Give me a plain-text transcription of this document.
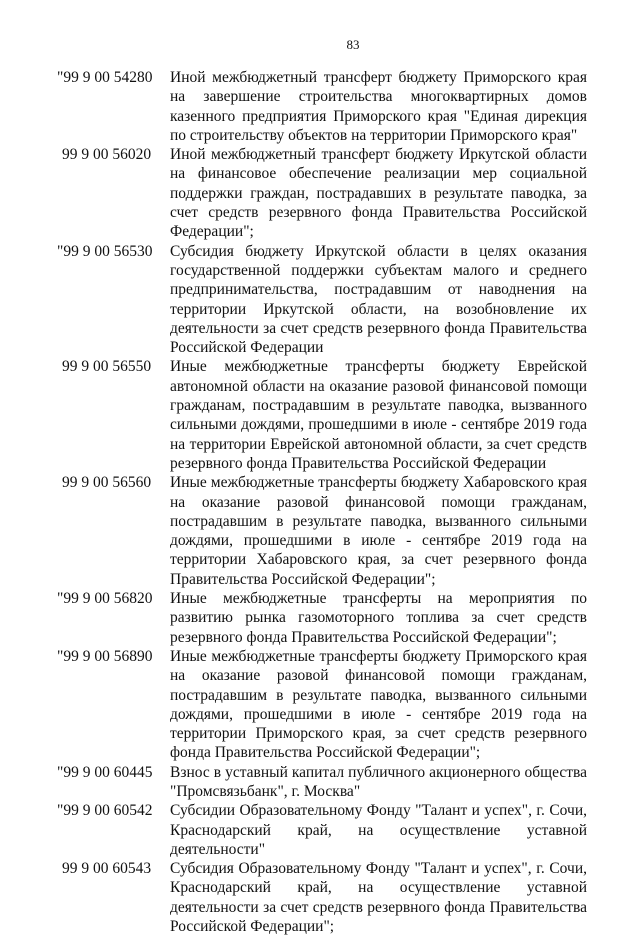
83
"99 9 00 54280 Иной межбюджетный трансферт бюджету Приморского края на завершение строительства многоквартирных домов казенного предприятия Приморского края "Единая дирекция по строительству объектов на территории Приморского края"
99 9 00 56020 Иной межбюджетный трансферт бюджету Иркутской области на финансовое обеспечение реализации мер социальной поддержки граждан, пострадавших в результате паводка, за счет средств резервного фонда Правительства Российской Федерации";
"99 9 00 56530 Субсидия бюджету Иркутской области в целях оказания государственной поддержки субъектам малого и среднего предпринимательства, пострадавшим от наводнения на территории Иркутской области, на возобновление их деятельности за счет средств резервного фонда Правительства Российской Федерации
99 9 00 56550 Иные межбюджетные трансферты бюджету Еврейской автономной области на оказание разовой финансовой помощи гражданам, пострадавшим в результате паводка, вызванного сильными дождями, прошедшими в июле - сентябре 2019 года на территории Еврейской автономной области, за счет средств резервного фонда Правительства Российской Федерации
99 9 00 56560 Иные межбюджетные трансферты бюджету Хабаровского края на оказание разовой финансовой помощи гражданам, пострадавшим в результате паводка, вызванного сильными дождями, прошедшими в июле - сентябре 2019 года на территории Хабаровского края, за счет резервного фонда Правительства Российской Федерации";
"99 9 00 56820 Иные межбюджетные трансферты на мероприятия по развитию рынка газомоторного топлива за счет средств резервного фонда Правительства Российской Федерации";
"99 9 00 56890 Иные межбюджетные трансферты бюджету Приморского края на оказание разовой финансовой помощи гражданам, пострадавшим в результате паводка, вызванного сильными дождями, прошедшими в июле - сентябре 2019 года на территории Приморского края, за счет средств резервного фонда Правительства Российской Федерации";
"99 9 00 60445 Взнос в уставный капитал публичного акционерного общества "Промсвязьбанк", г. Москва"
"99 9 00 60542 Субсидии Образовательному Фонду "Талант и успех", г. Сочи, Краснодарский край, на осуществление уставной деятельности"
99 9 00 60543 Субсидия Образовательному Фонду "Талант и успех", г. Сочи, Краснодарский край, на осуществление уставной деятельности за счет средств резервного фонда Правительства Российской Федерации";
